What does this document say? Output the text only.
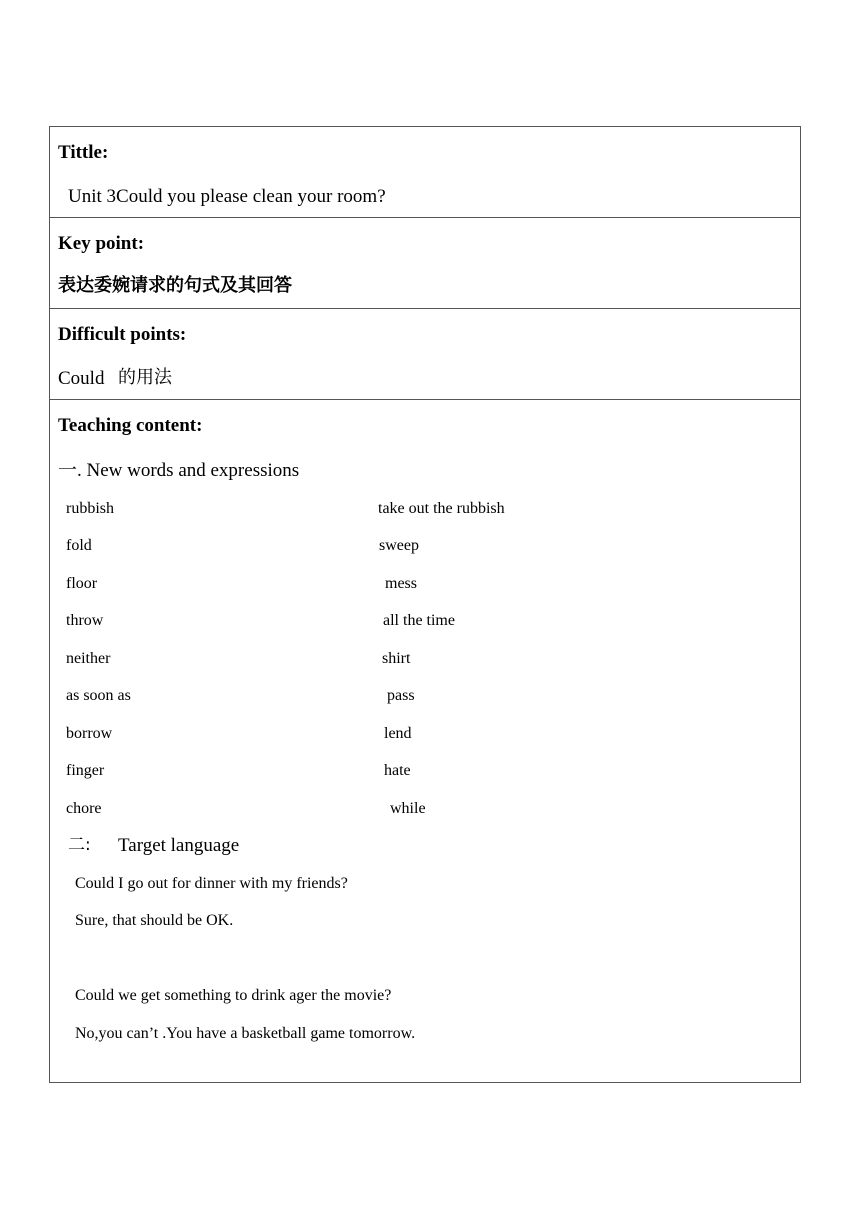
Tittle:
Unit 3Could you please clean your room?
Key point:
表达委婉请求的句式及其回答
Difficult points:
Could 的用法
Teaching content:
一. New words and expressions
rubbish
fold
floor
throw
neither
as soon as
borrow
finger
chore
take out the rubbish
sweep
mess
all the time
shirt
pass
lend
hate
while
二: Target language
Could I go out for dinner with my friends?
Sure, that should be OK.
Could we get something to drink ager the movie?
No,you can’t .You have a basketball game tomorrow.
